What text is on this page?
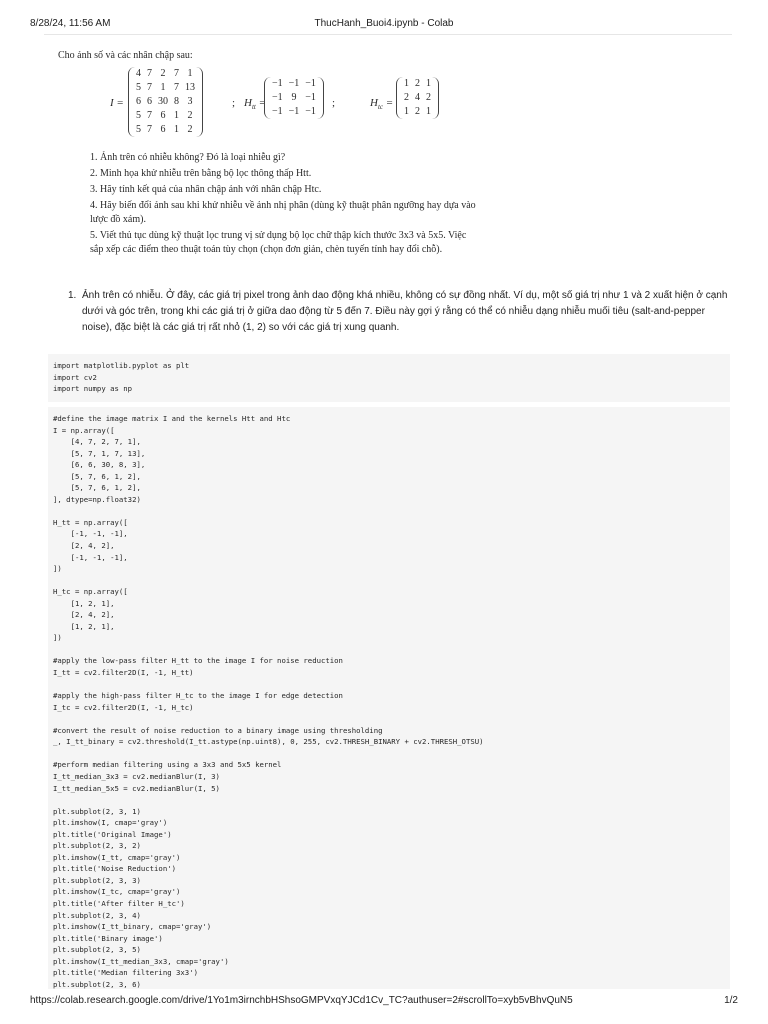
8/28/24, 11:56 AM	ThucHanh_Buoi4.ipynb - Colab

Cho ảnh số và các nhân chập sau:

I =
4	7	2	7	1
5	7	1	7	13
6	6	30	8	3
5	7	6	1	2
5	7	6	1	2
; $H_{tt}$ =
−1	−1	−1
−1	9	−1
−1	−1	−1
;	$H_{tc}$ =
1	2	1
2	4	2
1	2	1
1. Ảnh trên có nhiễu không? Đó là loại nhiễu gì?
2. Minh họa khử nhiễu trên bằng bộ lọc thông thấp Htt.
3. Hãy tính kết quả của nhân chập ảnh với nhân chập Htc.
4. Hãy biến đổi ảnh sau khi khử nhiễu về ảnh nhị phân (dùng kỹ thuật phân ngưỡng hay dựa vào lược đồ xám).
5. Viết thủ tục dùng kỹ thuật lọc trung vị sử dụng bộ lọc chữ thập kích thước 3x3 và 5x5. Việc sắp xếp các điểm theo thuật toán tùy chọn (chọn đơn giản, chèn tuyến tính hay đổi chỗ).
1. Ảnh trên có nhiễu. Ở đây, các giá trị pixel trong ảnh dao động khá nhiều, không có sự đồng nhất. Ví dụ, một số giá trị như 1 và 2 xuất hiện ở cạnh dưới và góc trên, trong khi các giá trị ở giữa dao động từ 5 đến 7. Điều này gợi ý rằng có thể có nhiễu dạng nhiễu muối tiêu (salt-and-pepper noise), đặc biệt là các giá trị rất nhỏ (1, 2) so với các giá trị xung quanh.
import matplotlib.pyplot as plt
import cv2
import numpy as np
#define the image matrix I and the kernels Htt and Htc
I = np.array([
[4, 7, 2, 7, 1],
[5, 7, 1, 7, 13],
[6, 6, 30, 8, 3],
[5, 7, 6, 1, 2],
[5, 7, 6, 1, 2],
], dtype=np.float32)

H_tt = np.array([
[-1, -1, -1],
[2, 4, 2],
[-1, -1, -1],
])

H_tc = np.array([
[1, 2, 1],
[2, 4, 2],
[1, 2, 1],
])

#apply the low-pass filter H_tt to the image I for noise reduction
I_tt = cv2.filter2D(I, -1, H_tt)

#apply the high-pass filter H_tc to the image I for edge detection
I_tc = cv2.filter2D(I, -1, H_tc)

#convert the result of noise reduction to a binary image using thresholding
_, I_tt_binary = cv2.threshold(I_tt.astype(np.uint8), 0, 255, cv2.THRESH_BINARY + cv2.THRESH_OTSU)

#perform median filtering using a 3x3 and 5x5 kernel
I_tt_median_3x3 = cv2.medianBlur(I, 3)
I_tt_median_5x5 = cv2.medianBlur(I, 5)

plt.subplot(2, 3, 1)
plt.imshow(I, cmap='gray')
plt.title('Original Image')
plt.subplot(2, 3, 2)
plt.imshow(I_tt, cmap='gray')
plt.title('Noise Reduction')
plt.subplot(2, 3, 3)
plt.imshow(I_tc, cmap='gray')
plt.title('After filter H_tc')
plt.subplot(2, 3, 4)
plt.imshow(I_tt_binary, cmap='gray')
plt.title('Binary image')
plt.subplot(2, 3, 5)
plt.imshow(I_tt_median_3x3, cmap='gray')
plt.title('Median filtering 3x3')
plt.subplot(2, 3, 6)
https://colab.research.google.com/drive/1Yo1m3irnchbHShsoGMPVxqYJCd1Cv_TC?authuser=2#scrollTo=xyb5vBhvQuN5	1/2
